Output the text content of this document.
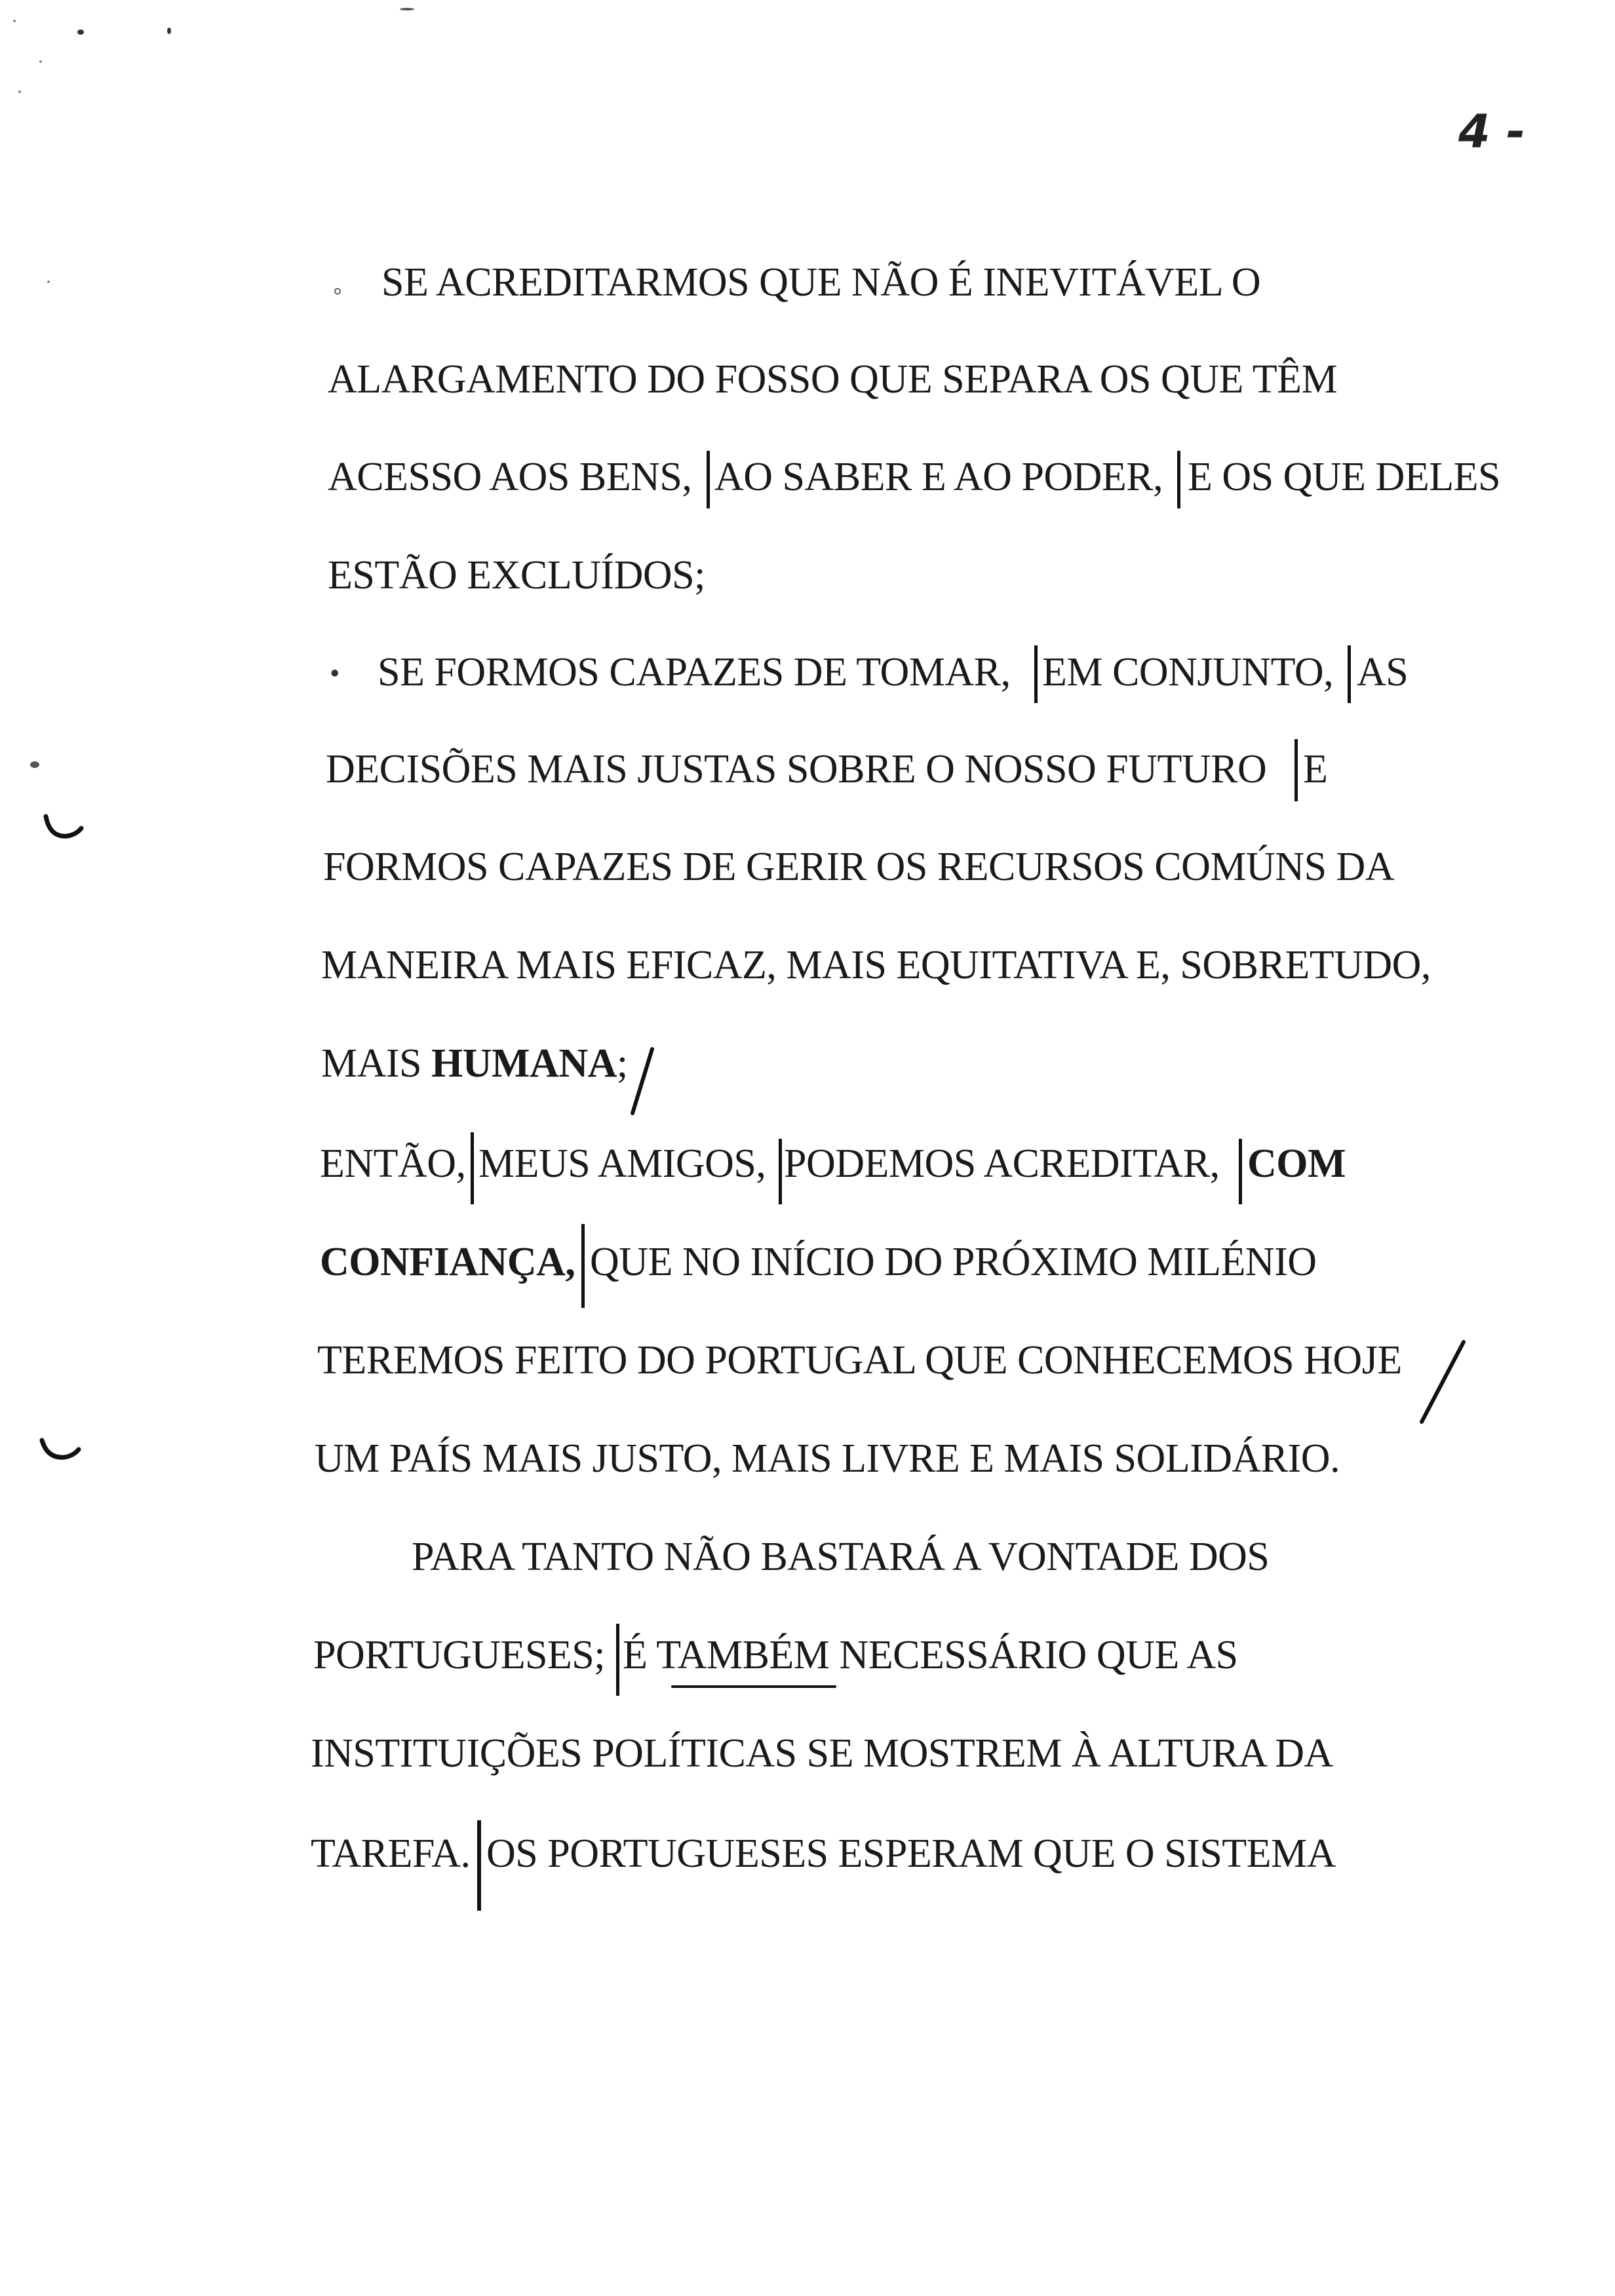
4 -
◦ SE ACREDITARMOS QUE NÃO É INEVITÁVEL O
ALARGAMENTO DO FOSSO QUE SEPARA OS QUE TÊM
ACESSO AOS BENS, AO SABER E AO PODER, E OS QUE DELES
ESTÃO EXCLUÍDOS;
• SE FORMOS CAPAZES DE TOMAR, EM CONJUNTO, AS
DECISÕES MAIS JUSTAS SOBRE O NOSSO FUTURO E
FORMOS CAPAZES DE GERIR OS RECURSOS COMÚNS DA
MANEIRA MAIS EFICAZ, MAIS EQUITATIVA E, SOBRETUDO,
MAIS HUMANA;
ENTÃO, MEUS AMIGOS, PODEMOS ACREDITAR, COM
CONFIANÇA, QUE NO INÍCIO DO PRÓXIMO MILÉNIO
TEREMOS FEITO DO PORTUGAL QUE CONHECEMOS HOJE
UM PAÍS MAIS JUSTO, MAIS LIVRE E MAIS SOLIDÁRIO.
PARA TANTO NÃO BASTARÁ A VONTADE DOS
PORTUGUESES; É TAMBÉM NECESSÁRIO QUE AS
INSTITUIÇÕES POLÍTICAS SE MOSTREM À ALTURA DA
TAREFA. OS PORTUGUESES ESPERAM QUE O SISTEMA
